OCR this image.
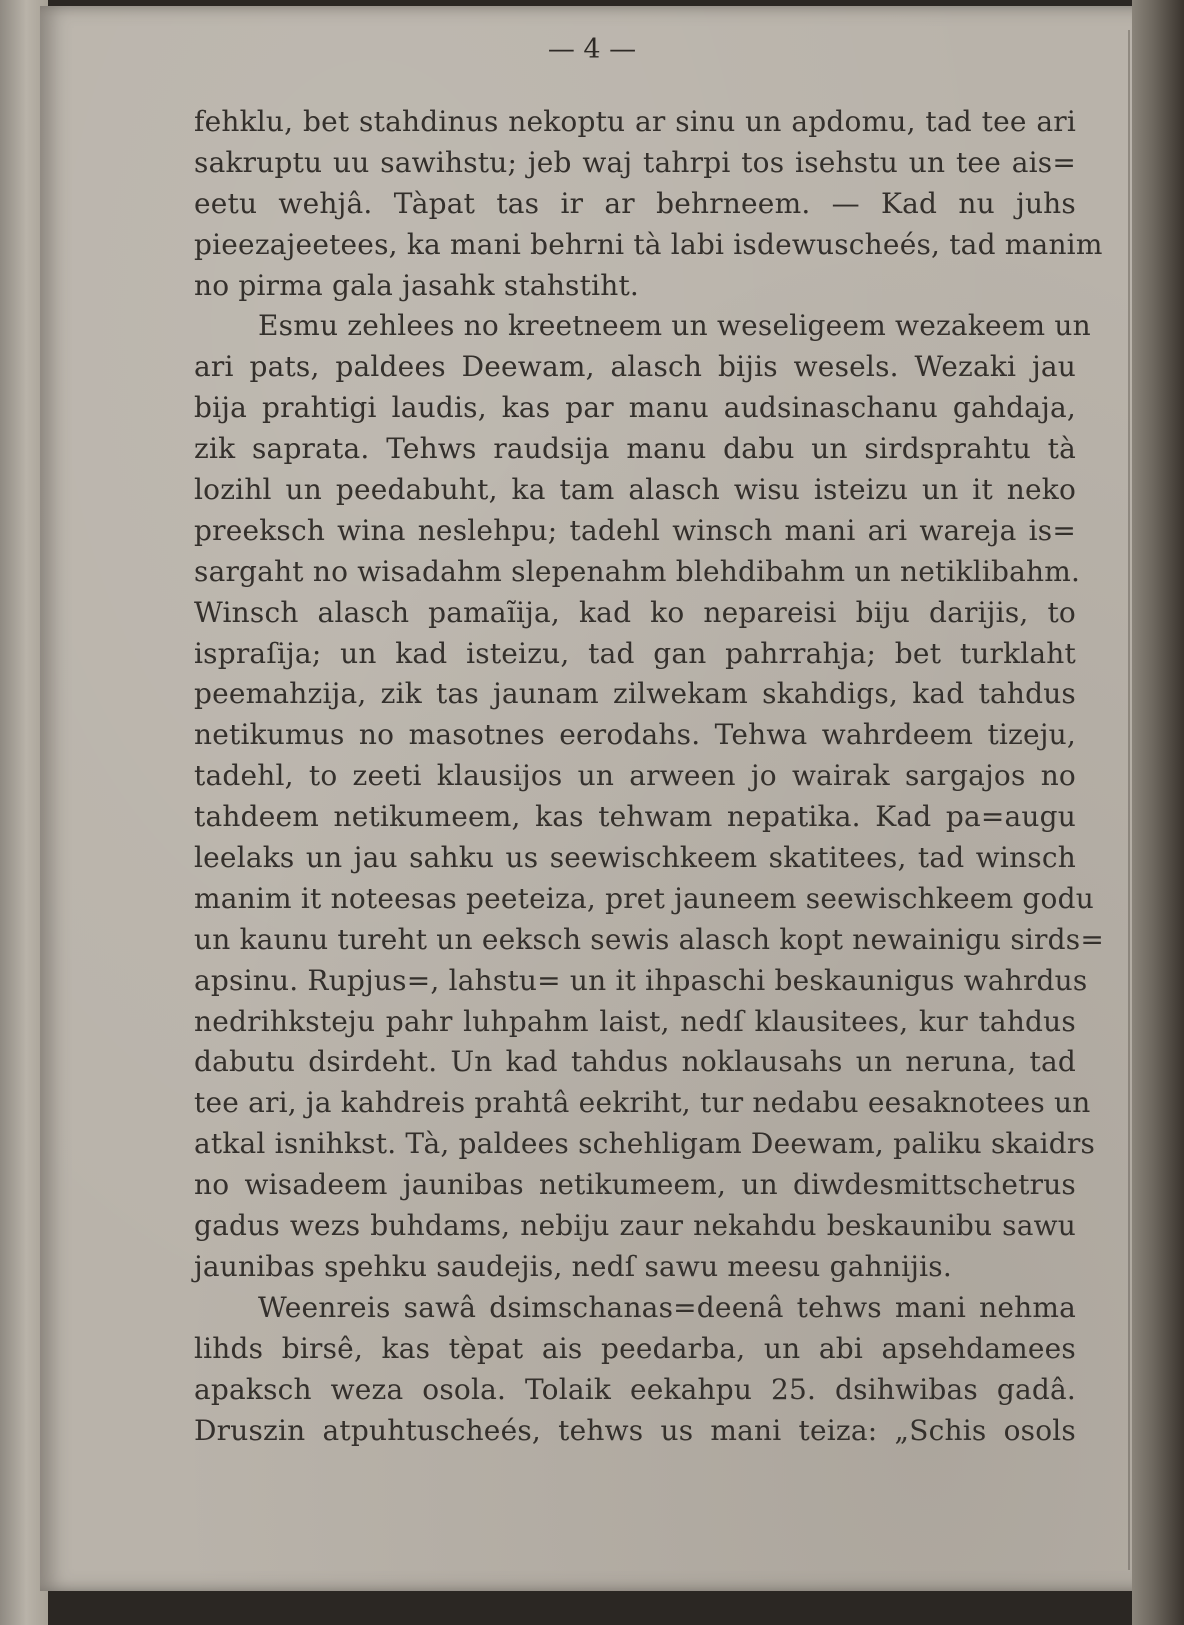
— 4 —
fehklu, bet stahdinus nekoptu ar sinu un apdomu, tad tee ari
sakruptu uu sawihstu; jeb waj tahrpi tos isehstu un tee ais=
eetu wehjâ. Tàpat tas ir ar behrneem. — Kad nu juhs
pieezajeetees, ka mani behrni tà labi isdewuscheés, tad manim
no pirma gala jasahk stahstiht.
Esmu zehlees no kreetneem un weseligeem wezakeem un
ari pats, paldees Deewam, alasch bijis wesels. Wezaki jau
bija prahtigi laudis, kas par manu audsinaschanu gahdaja,
zik saprata. Tehws raudsija manu dabu un sirdsprahtu tà
lozihl un peedabuht, ka tam alasch wisu isteizu un it neko
preeksch wina neslehpu; tadehl winsch mani ari wareja is=
sargaht no wisadahm slepenahm blehdibahm un netiklibahm.
Winsch alasch pamaĩija, kad ko nepareisi biju darijis, to
ispraſija; un kad isteizu, tad gan pahrrahja; bet turklaht
peemahzija, zik tas jaunam zilwekam skahdigs, kad tahdus
netikumus no masotnes eerodahs. Tehwa wahrdeem tizeju,
tadehl, to zeeti klausijos un arween jo wairak sargajos no
tahdeem netikumeem, kas tehwam nepatika. Kad pa=augu
leelaks un jau sahku us seewischkeem skatitees, tad winsch
manim it noteesas peeteiza, pret jauneem seewischkeem godu
un kaunu tureht un eeksch sewis alasch kopt newainigu sirds=
apsinu. Rupjus=, lahstu= un it ihpaschi beskaunigus wahrdus
nedrihksteju pahr luhpahm laist, nedſ klausitees, kur tahdus
dabutu dsirdeht. Un kad tahdus noklausahs un neruna, tad
tee ari, ja kahdreis prahtâ eekriht, tur nedabu eesaknotees un
atkal isnihkst. Tà, paldees schehligam Deewam, paliku skaidrs
no wisadeem jaunibas netikumeem, un diwdesmittschetrus
gadus wezs buhdams, nebiju zaur nekahdu beskaunibu sawu
jaunibas spehku saudejis, nedſ sawu meesu gahnijis.
Weenreis sawâ dsimschanas=deenâ tehws mani nehma
lihds birsê, kas tèpat ais peedarba, un abi apsehdamees
apaksch weza osola. Tolaik eekahpu 25. dsihwibas gadâ.
Druszin atpuhtuscheés, tehws us mani teiza: „Schis osols
